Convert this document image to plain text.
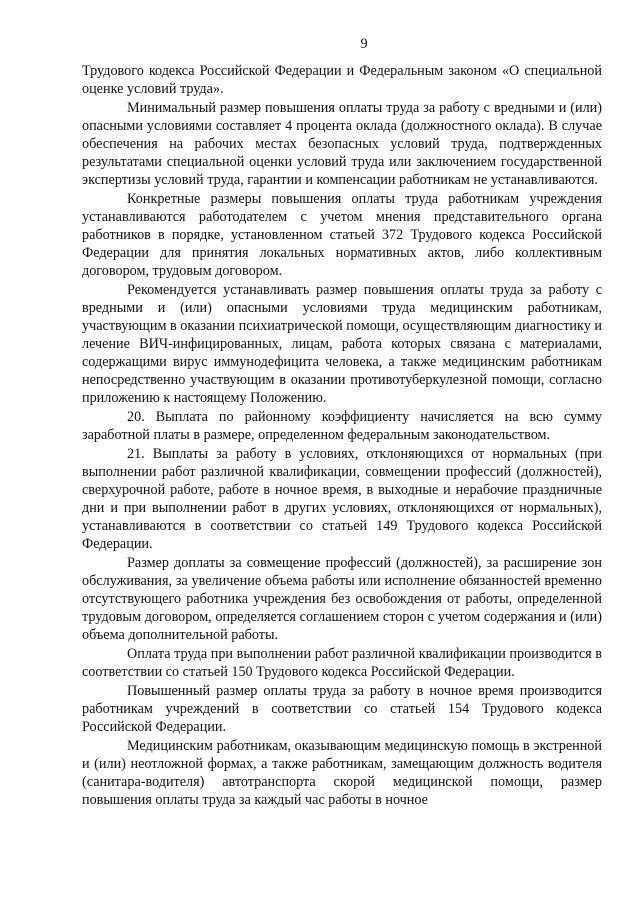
9

Трудового кодекса Российской Федерации и Федеральным законом «О специальной оценке условий труда».

Минимальный размер повышения оплаты труда за работу с вредными и (или) опасными условиями составляет 4 процента оклада (должностного оклада). В случае обеспечения на рабочих местах безопасных условий труда, подтвержденных результатами специальной оценки условий труда или заключением государственной экспертизы условий труда, гарантии и компенсации работникам не устанавливаются.

Конкретные размеры повышения оплаты труда работникам учреждения устанавливаются работодателем с учетом мнения представительного органа работников в порядке, установленном статьей 372 Трудового кодекса Российской Федерации для принятия локальных нормативных актов, либо коллективным договором, трудовым договором.

Рекомендуется устанавливать размер повышения оплаты труда за работу с вредными и (или) опасными условиями труда медицинским работникам, участвующим в оказании психиатрической помощи, осуществляющим диагностику и лечение ВИЧ-инфицированных, лицам, работа которых связана с материалами, содержащими вирус иммунодефицита человека, а также медицинским работникам непосредственно участвующим в оказании противотуберкулезной помощи, согласно приложению к настоящему Положению.

20. Выплата по районному коэффициенту начисляется на всю сумму заработной платы в размере, определенном федеральным законодательством.

21. Выплаты за работу в условиях, отклоняющихся от нормальных (при выполнении работ различной квалификации, совмещении профессий (должностей), сверхурочной работе, работе в ночное время, в выходные и нерабочие праздничные дни и при выполнении работ в других условиях, отклоняющихся от нормальных), устанавливаются в соответствии со статьей 149 Трудового кодекса Российской Федерации.

Размер доплаты за совмещение профессий (должностей), за расширение зон обслуживания, за увеличение объема работы или исполнение обязанностей временно отсутствующего работника учреждения без освобождения от работы, определенной трудовым договором, определяется соглашением сторон с учетом содержания и (или) объема дополнительной работы.

Оплата труда при выполнении работ различной квалификации производится в соответствии со статьей 150 Трудового кодекса Российской Федерации.

Повышенный размер оплаты труда за работу в ночное время производится работникам учреждений в соответствии со статьей 154 Трудового кодекса Российской Федерации.

Медицинским работникам, оказывающим медицинскую помощь в экстренной и (или) неотложной формах, а также работникам, замещающим должность водителя (санитара-водителя) автотранспорта скорой медицинской помощи, размер повышения оплаты труда за каждый час работы в ночное
